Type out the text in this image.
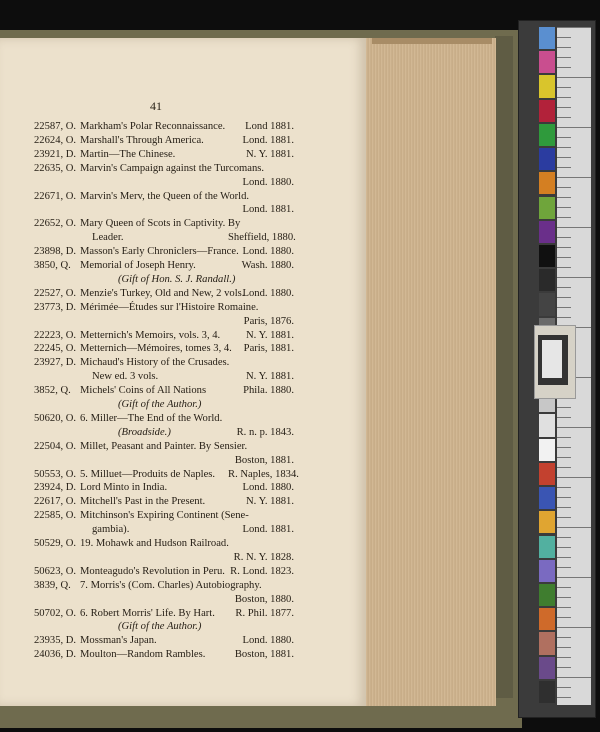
41
22587, O. Markham's Polar Reconnaissance.	Lond 1881.
22624, O. Marshall's Through America.	Lond. 1881.
23921, D. Martin—The Chinese.	N. Y. 1881.
22635, O. Marvin's Campaign against the Turcomans.
Lond. 1880.
22671, O. Marvin's Merv, the Queen of the World.
Lond. 1881.
22652, O. Mary Queen of Scots in Captivity. By
Leader.	Sheffield, 1880.
23898, D. Masson's Early Chroniclers—France. Lond. 1880.
3850, Q. Memorial of Joseph Henry.	Wash. 1880.
(Gift of Hon. S. J. Randall.)
22527, O. Menzie's Turkey, Old and New, 2 vols.
Lond. 1880.
23773, D. Mérimée—Études sur l'Histoire Romaine.
Paris, 1876.
22223, O. Metternich's Memoirs, vols. 3, 4.	N. Y. 1881.
22245, O. Metternich—Mémoires, tomes 3, 4.	Paris, 1881.
23927, D. Michaud's History of the Crusades.
New ed. 3 vols.	N. Y. 1881.
3852, Q. Michels' Coins of All Nations	Phila. 1880.
(Gift of the Author.)
50620, O. 6. Miller—The End of the World.
(Broadside.)	R. n. p. 1843.
22504, O. Millet, Peasant and Painter. By Sensier.
Boston, 1881.
50553, O. 5. Milluet—Produits de Naples. R. Naples, 1834.
23924, D. Lord Minto in India.	Lond. 1880.
22617, O. Mitchell's Past in the Present.	N. Y. 1881.
22585, O. Mitchinson's Expiring Continent (Sene-
gambia).	Lond. 1881.
50529, O. 19. Mohawk and Hudson Railroad.
R. N. Y. 1828.
50623, O. Monteagudo's Revolution in Peru. R. Lond. 1823.
3839, Q. 7. Morris's (Com. Charles) Autobiography.
Boston, 1880.
50702, O. 6. Robert Morris' Life. By Hart.	R. Phil. 1877.
(Gift of the Author.)
23935, D. Mossman's Japan.	Lond. 1880.
24036, D. Moulton—Random Rambles.	Boston, 1881.
